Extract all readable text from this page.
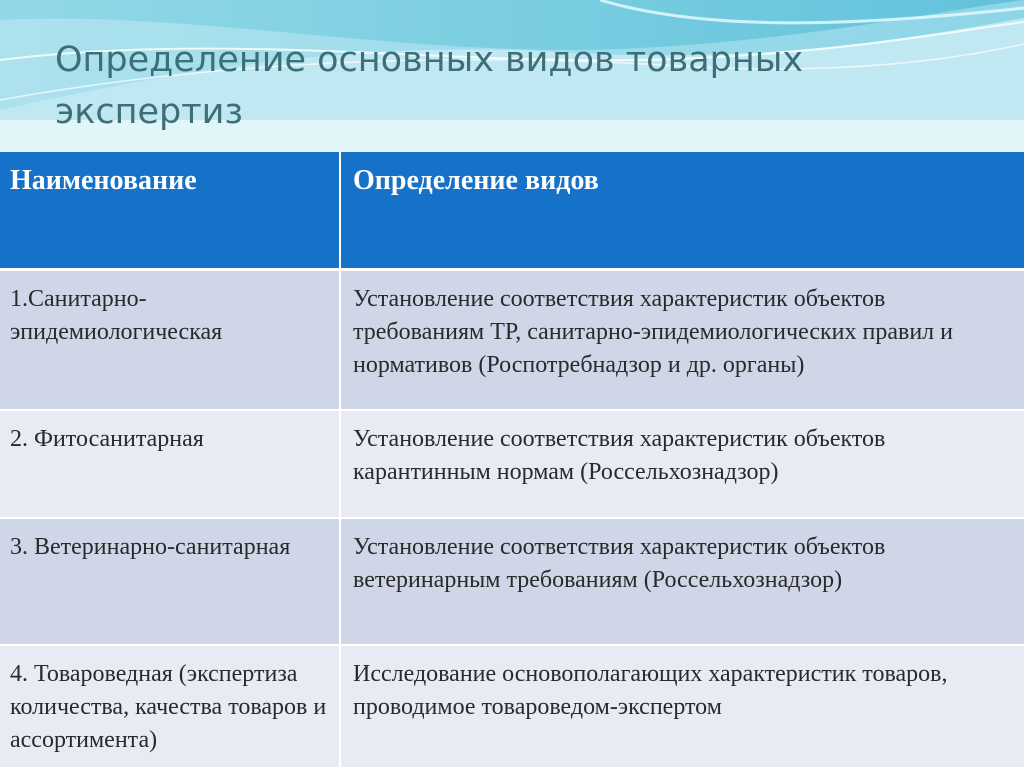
Определение основных видов товарных экспертиз
Наименование	Определение видов
1.Санитарно-эпидемиологическая	Установление соответствия характеристик объектов требованиям ТР, санитарно-эпидемиологических правил и нормативов (Роспотребнадзор и др. органы)
2. Фитосанитарная	Установление соответствия характеристик объектов карантинным нормам (Россельхознадзор)
3. Ветеринарно-санитарная	Установление соответствия характеристик объектов ветеринарным требованиям (Россельхознадзор)
4. Товароведная (экспертиза количества, качества товаров и ассортимента)	Исследование основополагающих характеристик товаров, проводимое товароведом-экспертом
